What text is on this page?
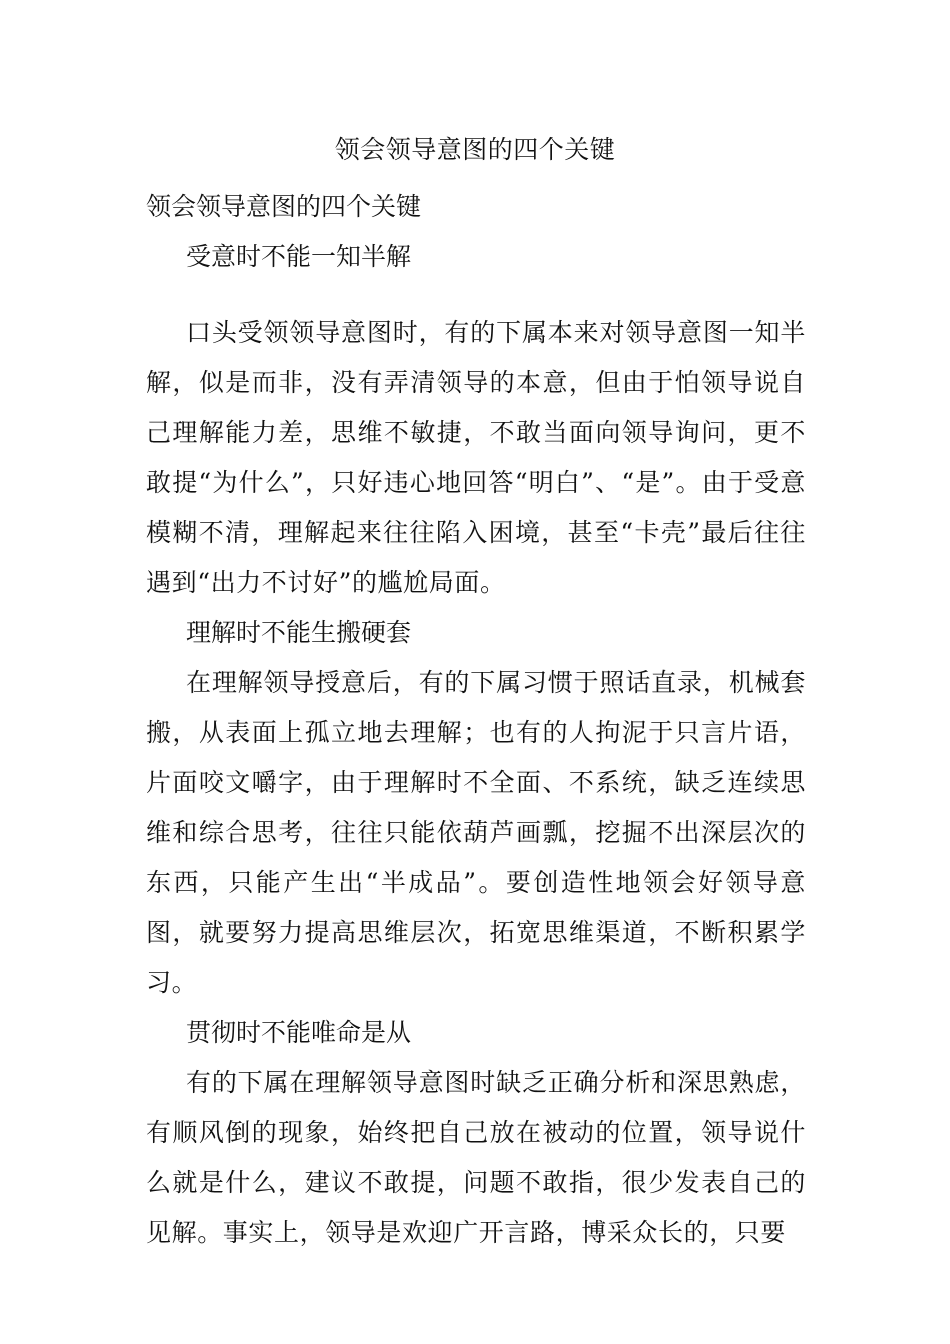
领会领导意图的四个关键

领会领导意图的四个关键

受意时不能一知半解

口头受领领导意图时，有的下属本来对领导意图一知半解，似是而非，没有弄清领导的本意，但由于怕领导说自己理解能力差，思维不敏捷，不敢当面向领导询问，更不敢提“为什么”，只好违心地回答“明白”、“是”。由于受意模糊不清，理解起来往往陷入困境，甚至“卡壳”最后往往遇到“出力不讨好”的尴尬局面。

理解时不能生搬硬套

在理解领导授意后，有的下属习惯于照话直录，机械套搬，从表面上孤立地去理解；也有的人拘泥于只言片语，片面咬文嚼字，由于理解时不全面、不系统，缺乏连续思维和综合思考，往往只能依葫芦画瓢，挖掘不出深层次的东西，只能产生出“半成品”。要创造性地领会好领导意图，就要努力提高思维层次，拓宽思维渠道，不断积累学习。

贯彻时不能唯命是从

有的下属在理解领导意图时缺乏正确分析和深思熟虑，有顺风倒的现象，始终把自己放在被动的位置，领导说什么就是什么，建议不敢提，问题不敢指，很少发表自己的见解。事实上，领导是欢迎广开言路，博采众长的，只要
